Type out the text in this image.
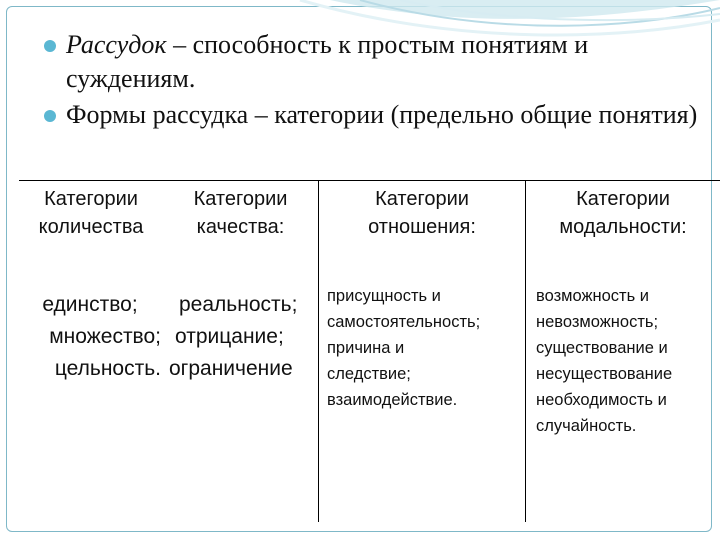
Рассудок – способность к простым понятиям и суждениям.

Формы рассудка – категории (предельно общие понятия)

Категории
количества
единство;
множество;
цельность.
Категории
качества:
реальность;
отрицание;
ограничение
Категории
отношения:
присущность и
самостоятельность;
причина и
следствие;
взаимодействие.
Категории
модальности:
возможность и
невозможность;
существование и
несуществование
необходимость и
случайность.
